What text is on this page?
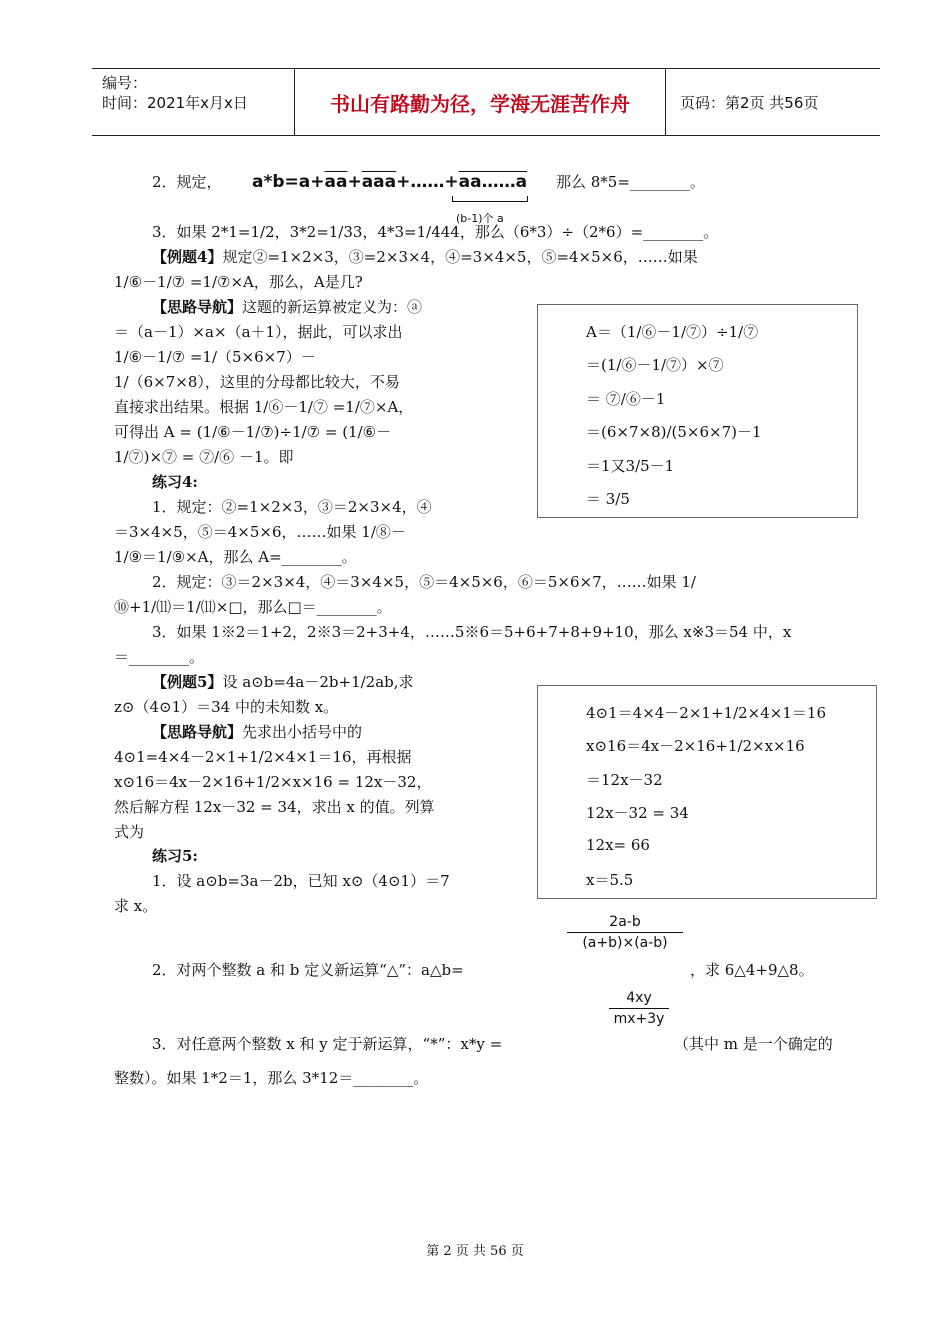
编号：
时间：2021年x月x日	书山有路勤为径，学海无涯苦作舟	页码：第2页 共56页
2．规定， $a*b=a+\overline{aa}+\overline{aaa}+\dots\dots+aa\dots\dots a$
(b-1)个 a
那么 8*5=________。
3．如果 2*1=1/2，3*2=1/33，4*3=1/444，那么（6*3）÷（2*6）=________。
【例题4】规定②=1×2×3，③=2×3×4，④=3×4×5，⑤=4×5×6，……如果
1/⑥－1/⑦ =1/⑦×A，那么，A是几?
【思路导航】这题的新运算被定义为：ⓐ
＝（a－1）×a×（a＋1），据此，可以求出
1/⑥－1/⑦ =1/（5×6×7）－
1/（6×7×8），这里的分母都比较大，不易
直接求出结果。根据 1/⑥－1/⑦ =1/⑦×A，
可得出 A = (1/⑥－1/⑦)÷1/⑦ = (1/⑥－
1/⑦)×⑦ = ⑦/⑥ －1。即
A＝（1/⑥－1/⑦）÷1/⑦
＝(1/⑥－1/⑦）×⑦
＝ ⑦/⑥－1
＝(6×7×8)/(5×6×7)－1
＝1又3/5－1
＝ 3/5
练习4:
1．规定：②=1×2×3，③＝2×3×4，④
＝3×4×5，⑤＝4×5×6，……如果 1/⑧－
1/⑨＝1/⑨×A，那么 A=________。
2．规定：③＝2×3×4，④＝3×4×5，⑤＝4×5×6，⑥＝5×6×7，……如果 1/
⑩+1/⑾＝1/⑾×□，那么□＝________。
3．如果 1※2＝1+2，2※3＝2+3+4，……5※6＝5+6+7+8+9+10，那么 x※3＝54 中，x
＝________。
【例题5】设 a⊙b=4a－2b+1/2ab,求
z⊙（4⊙1）＝34 中的未知数 x。
【思路导航】先求出小括号中的
4⊙1=4×4－2×1+1/2×4×1＝16，再根据
x⊙16＝4x－2×16+1/2×x×16 = 12x－32，
然后解方程 12x－32 = 34，求出 x 的值。列算
式为
4⊙1＝4×4－2×1+1/2×4×1＝16
x⊙16＝4x－2×16+1/2×x×16
＝12x－32
12x－32 = 34
12x= 66
x＝5.5
练习5:
1．设 a⊙b=3a－2b，已知 x⊙（4⊙1）＝7
求 x。
2．对两个整数 a 和 b 定义新运算“△”：a△b=
2a-b
(a+b)×(a-b)
，求 6△4+9△8。
3．对任意两个整数 x 和 y 定于新运算，“*”：x*y =
4xy
mx+3y
（其中 m 是一个确定的
整数）。如果 1*2＝1，那么 3*12＝________。
第 2 页 共 56 页
